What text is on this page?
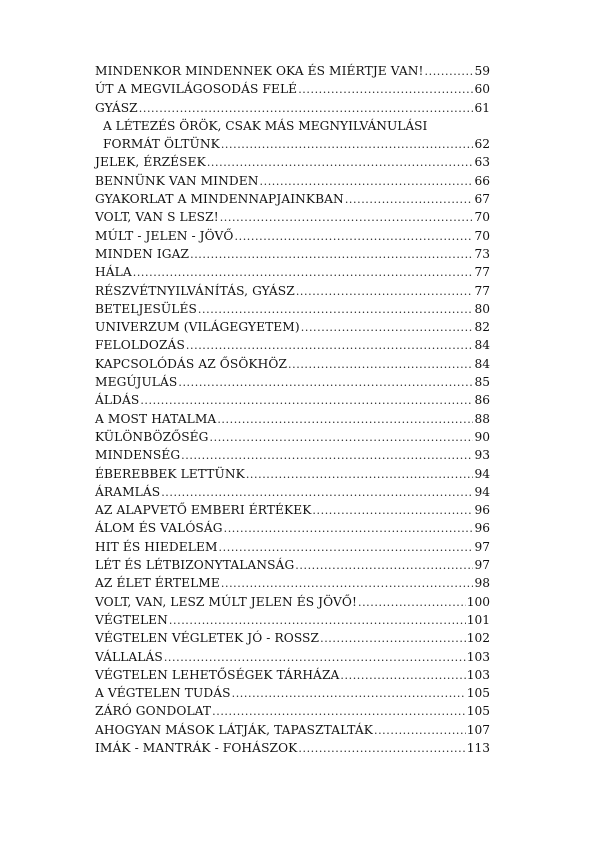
MINDENKOR MINDENNEK OKA ÉS MIÉRTJE VAN! .....	59
ÚT A MEGVILÁGOSODÁS FELÉ .....	60
GYÁSZ .....	61
A LÉTEZÉS ÖRÖK, CSAK MÁS MEGNYILVÁNULÁSI
FORMÁT ÖLTÜNK .....	62
JELEK, ÉRZÉSEK .....	63
BENNÜNK VAN MINDEN .....	66
GYAKORLAT A MINDENNAPJAINKBAN .....	67
VOLT, VAN S LESZ! .....	70
MÚLT - JELEN - JÖVŐ .....	70
MINDEN IGAZ .....	73
HÁLA .....	77
RÉSZVÉTNYILVÁNÍTÁS, GYÁSZ .....	77
BETELJESÜLÉS .....	80
UNIVERZUM (VILÁGEGYETEM) .....	82
FELOLDOZÁS .....	84
KAPCSOLÓDÁS AZ ŐSÖKHÖZ .....	84
MEGÚJULÁS .....	85
ÁLDÁS .....	86
A MOST HATALMA .....	88
KÜLÖNBÖZŐSÉG .....	90
MINDENSÉG .....	93
ÉBEREBBEK LETTÜNK .....	94
ÁRAMLÁS .....	94
AZ ALAPVETŐ EMBERI ÉRTÉKEK .....	96
ÁLOM ÉS VALÓSÁG .....	96
HIT ÉS HIEDELEM .....	97
LÉT ÉS LÉTBIZONYTALANSÁG .....	97
AZ ÉLET ÉRTELME .....	98
VOLT, VAN, LESZ MÚLT JELEN ÉS JÖVŐ! .....	100
VÉGTELEN .....	101
VÉGTELEN VÉGLETEK JÓ - ROSSZ .....	102
VÁLLALÁS .....	103
VÉGTELEN LEHETŐSÉGEK TÁRHÁZA .....	103
A VÉGTELEN TUDÁS .....	105
ZÁRÓ GONDOLAT .....	105
AHOGYAN MÁSOK LÁTJÁK, TAPASZTALTÁK .....	107
IMÁK - MANTRÁK - FOHÁSZOK .....	113
